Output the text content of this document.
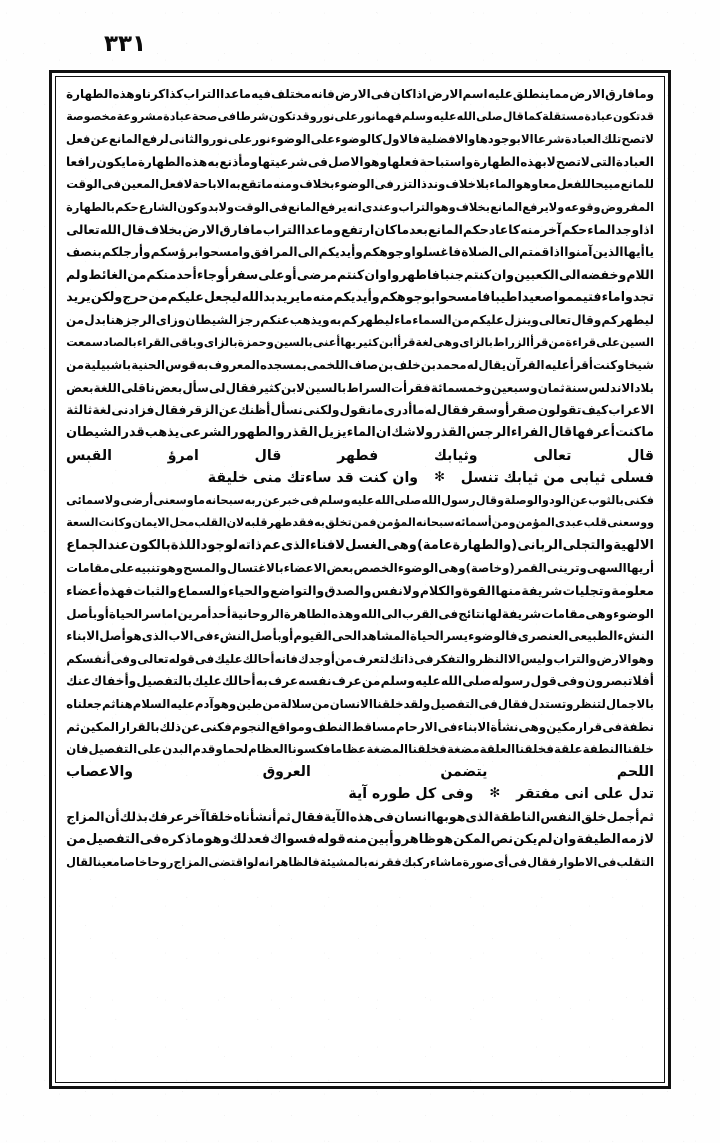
٣٣١
ومافارق
الارض
مما
ينطلق
عليه
اسم
الارض
اذا
كان
فى
الارض
فانه
مختلف
فيه
ماعدا
التراب
كذا
كرناوهذه
الطهارة
قد
تكون
عبادة
مستقلة
كما
قال
صلى
الله
عليه
وسلم
فهمانور
على
نور
وقد
تكون
شرطا
فى
صحة
عبادة
مشروعة
مخصوصة
لاتصح
تلك
العبادة
شرعا
الا
بوجودها
والافضلية
فالاول
كالوضوء
على
الوضوء
نور
على
نور
والثانى
لرفع
المانع
عن
فعل
العبادة
التى
لاتصح
لابهذه
الطهارة
واستباحة
فعلها
وهو
الاصل
فى
شرعيتها
ومأذنع
به
هذه
الطهارة
مايكون
رافعا
للمانع
مبيحا
للفعل
معاوهو
الماء
بلاخلاف
وند
ذالتزر
فى
الوضوء
بخلاف
ومنه
ماتقع
به
الاباحة
لافعل
المعين
فى
الوقت
المفروض
وقوعه
ولايرفع
المانع
بخلاف
وهو
التراب
وعندى
انه
يرفع
المانع
فى
الوقت
ولابد
وكون
الشارع
حكم
بالطهارة
اذاوجد
الماء
حكم
آخر
منه
كاعاد
حكم
المانع
بعدما
كان
ارتفع
وماعدا
التراب
مافارق
الارض
بخلاف
قال
الله
تعالى
يا
أيها
الذين
آمنوا
اذا
قمتم
الى
الصلاة
فاغسلوا
وجوهكم
وأيديكم
الى
المرافق
وامسحوا
برؤسكم
وأرجلكم
بنصف
اللام
وخفضه
الى
الكعبين
وان
كنتم
جنبا
فاطهروا
وان
كنتم
مرضى
أوعلى
سفر
أوجاء
أحد
منكم
من
الغائط
ولم
تجدوا
ماء
فتيمموا
صعيدا
طيبا
فامسحوا
بوجوهكم
وأيديكم
منه
مايريد
بدالله
ليجعل
عليكم
من
حرج
ولكن
يريد
ليطهركم
وقال
تعالى
وينزل
عليكم
من
السماء
ماء
ليطهركم
به
و
يذهب
عنكم
رجز
الشيطان
وزاى
الرجز
هنابدل
من
السين
على
قراءة
من
قرأ
الزراط
بالزاى
وهى
لغة
قرأ
ابن
كثير
بها
أعنى
بالسين
وحمزة
بالزاى
وباقى
القراء
بالصاد
سمعت
شيخا
وكنت
أقرأ
عليه
القرآن
يقال
له
محمد
بن
خلف
بن
صاف
اللخمى
بمسجده
المعروف
به
قوس
الحنية
باشبيلية
من
بلاد
الاندلس
سنة
ثمان
وسبعين
وخمسمائة
فقرأت
السراط
بالسين
لابن
كثير
فقال
لى
سأل
بعض
ناقلى
اللغة
بعض
الاعراب
كيف
تقولون
صقر
أوسقر
فقال
له
ما
أدرى
مانقول
ولكنى
نسأل
أظنك
عن
الزقر
فقال
فزادنى
لغة
ثالثة
ما
كنت
أعرفها
قال
الفراء
الرجس
القذر
ولاشك
ان
الماء
يزيل
القذر
والطهور
الشرعى
يذهب
قدر
الشيطان
قال تعالى وثيابك فطهر قال امرؤ القبس
فسلى ثيابى من ثيابك تنسل✻وان كنت قد ساءتك منى خليقة
فكنى
بالثوب
عن
الود
والوصلة
وقال
رسول
الله
صلى
الله
عليه
وسلم
فى
خبر
عن
ربه
سبحانه
ماوسعنى
أرضى
ولا
سمائى
ووسعنى
قلب
عبدى
المؤمن
ومن
أسمائه
سبحانه
المؤمن
فمن
تخلق
به
فقد
طهر
قلبه
لان
القلب
محل
الايمان
وكانت
السعة
الالهية
والتجلى
الربانى
(والطهارة
عامة)
وهى
الغسل
لافناء
الذى
عم
ذاته
لوجود
اللذة
بالكون
عند
الجماع
أريها
السهى
وترينى
القمر
(وخاصة)
وهى
الوضوء
الخصص
بعض
الاعضاء
بالاغتسال
والمسح
وهو
تنبيه
على
مقامات
معلومة
وتجليات
شريفة
منها
القوة
والكلام
ولانفس
والصدق
والتواضع
والحياء
والسماع
والثبات
فهذه
أعضاء
الوضوء
وهى
مقامات
شريفة
لها
نتائج
فى
القرب
الى
الله
وهذه
الطاهرة
الروحانية
أحد
أمرين
اما
سر
الحياة
أو
بأصل
النشء
الطبيعى
العنصرى
فالوضوء
يسر
الحياة
المشاهد
الحى
القيوم
أو
بأصل
النشء
فى
الاب
الذى
هو
أصل
الابناء
وهو
الارض
والتراب
وليس
الا
النظر
والتفكر
فى
ذاتك
لتعرف
من
أوجدك
فانه
أحالك
عليك
فى
قوله
تعالى
وفى
أنفسكم
أفلا
تبصرون
وفى
قول
رسوله
صلى
الله
عليه
وسلم
من
عرف
نفسه
عرف
به
أحالك
عليك
بالتفصيل
وأخفاك
عنك
بالاجمال
لتنظر
وتستدل
فقال
فى
التفصيل
ولقد
خلقنا
الانسان
من
سلالة
من
طين
وهو
آدم
عليه
السلام
هنا
ثم
جعلناه
نطفة
فى
قرار
مكين
وهى
نشأة
الابناء
فى
الارحام
مساقط
النطف
ومواقع
النجوم
فكنى
عن
ذلك
بالقرار
المكين
ثم
خلقنا
النطفة
علقة
فخلقنا
العلقة
مضغة
فخلقنا
المضغة
عظاما
فكسونا
العظام
لحما
وقدم
البدن
على
التفصيل
فان
اللحم يتضمن العروق والاعصاب
تدل على انى مفتقر✻وفى كل طوره آية
ثم
أجمل
خلق
النفس
الناطقة
الذى
هو
بها
انسان
فى
هذه
الآية
فقال
ثم
أنشأناه
خلقا
آخر
عرفك
بذلك
أن
المزاج
لازمه
الطيفة
وان
لم
يكن
نص
المكن
هو
ظاهر
وأبين
منه
قوله
فسواك
فعدلك
وهو
ماذكره
فى
التفصيل
من
التقلب
فى
الاطوار
فقال
فى
أى
صورة
ماشاء
ركبك
فقرنه
بالمشيئة
فالظاهر
انه
لواقتضى
المزاج
روحا
خاصا
معينا
لقال
